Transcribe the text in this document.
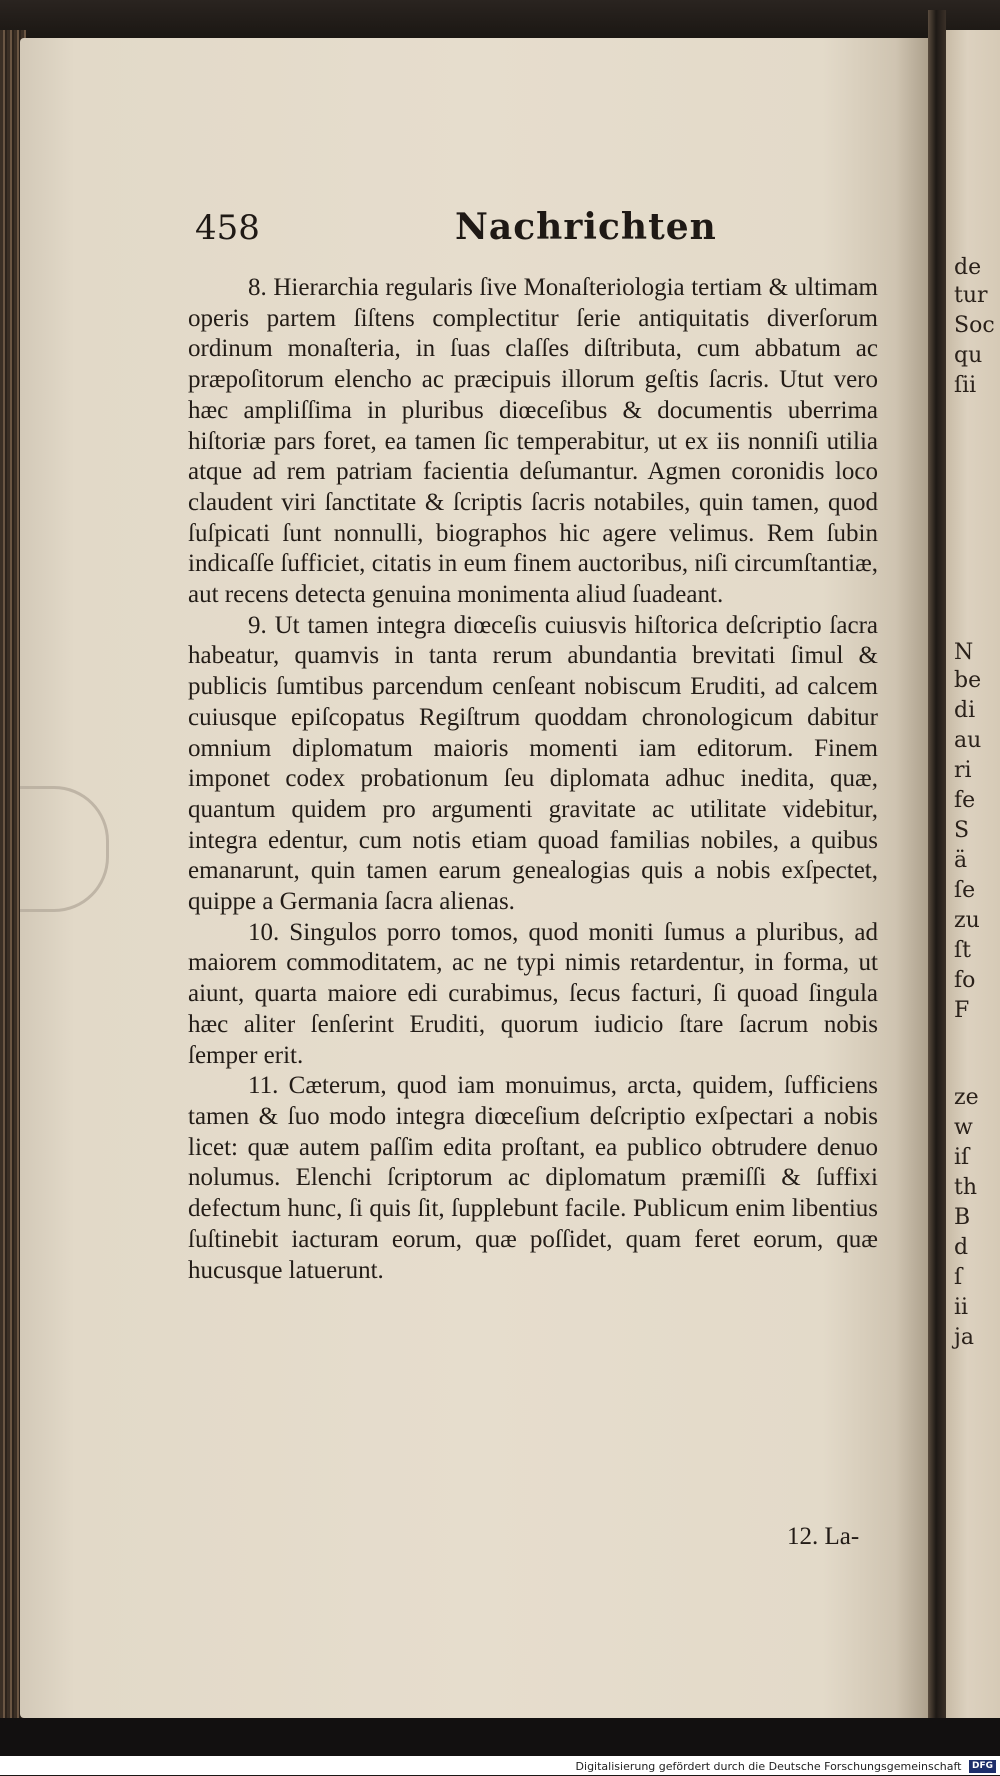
458	Nachrichten

8. Hierarchia regularis ſive Monaſteriologia tertiam & ultimam operis partem ſiſtens complectitur ſerie antiquitatis diverſorum ordinum monaſteria, in ſuas claſſes diſtributa, cum abbatum ac præpoſitorum elencho ac præcipuis illorum geſtis ſacris. Utut vero hæc ampliſſima in pluribus diœceſibus & documentis uberrima hiſtoriæ pars foret, ea tamen ſic temperabitur, ut ex iis nonniſi utilia atque ad rem patriam facientia deſumantur. Agmen coronidis loco claudent viri ſanctitate & ſcriptis ſacris notabiles, quin tamen, quod ſuſpicati ſunt nonnulli, biographos hic agere velimus. Rem ſubin indicaſſe ſufficiet, citatis in eum finem auctoribus, niſi circumſtantiæ, aut recens detecta genuina monimenta aliud ſuadeant.

9. Ut tamen integra diœceſis cuiusvis hiſtorica deſcriptio ſacra habeatur, quamvis in tanta rerum abundantia brevitati ſimul & publicis ſumtibus parcendum cenſeant nobiscum Eruditi, ad calcem cuiusque epiſcopatus Regiſtrum quoddam chronologicum dabitur omnium diplomatum maioris momenti iam editorum. Finem imponet codex probationum ſeu diplomata adhuc inedita, quæ, quantum quidem pro argumenti gravitate ac utilitate videbitur, integra edentur, cum notis etiam quoad familias nobiles, a quibus emanarunt, quin tamen earum genealogias quis a nobis exſpectet, quippe a Germania ſacra alienas.

10. Singulos porro tomos, quod moniti ſumus a pluribus, ad maiorem commoditatem, ac ne typi nimis retardentur, in forma, ut aiunt, quarta maiore edi curabimus, ſecus facturi, ſi quoad ſingula hæc aliter ſenſerint Eruditi, quorum iudicio ſtare ſacrum nobis ſemper erit.

11. Cæterum, quod iam monuimus, arcta, quidem, ſufficiens tamen & ſuo modo integra diœceſium deſcriptio exſpectari a nobis licet: quæ autem paſſim edita proſtant, ea publico obtrudere denuo nolumus. Elenchi ſcriptorum ac diplomatum præmiſſi & ſuffixi defectum hunc, ſi quis ſit, ſupplebunt facile. Publicum enim libentius ſuſtinebit iacturam eorum, quæ poſſidet, quam feret eorum, quæ hucusque latuerunt.

12. La-
de
tur
Soc
qu
ſii
N
be
di
au
ri
fe
S
ä
ſe
zu
ſt
fo
F
ze
w
iſ
th
B
d
ſ
ii
ja
Digitalisierung gefördert durch die Deutsche Forschungsgemeinschaft DFG
